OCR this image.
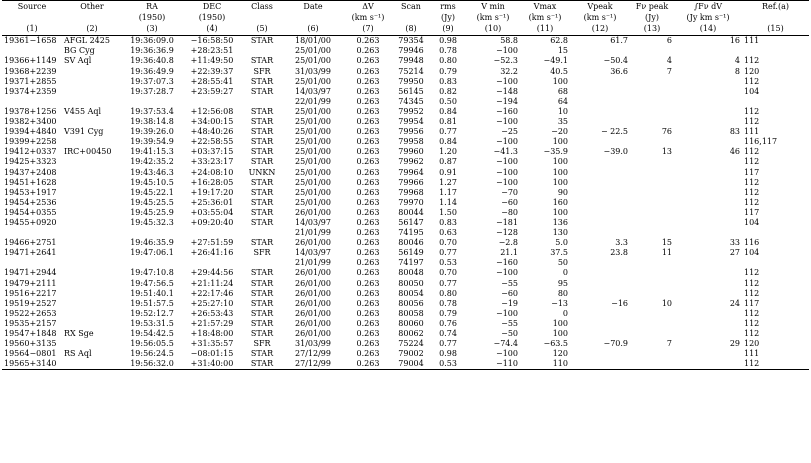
Source	Other	RA	DEC	Class	Date	ΔV	Scan	rms	V min	Vmax	Vpeak	Fν peak	∫Fν dV	Ref.(a)
		(1950)	(1950)			(km s⁻¹)		(Jy)	(km s⁻¹)	(km s⁻¹)	(km s⁻¹)	(Jy)	(Jy km s⁻¹)	
(1)	(2)	(3)	(4)	(5)	(6)	(7)	(8)	(9)	(10)	(11)	(12)	(13)	(14)	(15)
19361−1658	AFGL 2425	19:36:09.0	−16:58:50	STAR	18/01/00	0.263	79354	0.98	58.8	62.8	61.7	6	16	111
	BG Cyg	19:36:36.9	+28:23:51		25/01/00	0.263	79946	0.78	−100	15				
19366+1149	SV Aql	19:36:40.8	+11:49:50	STAR	25/01/00	0.263	79948	0.80	−52.3	−49.1	−50.4	4	4	112
19368+2239		19:36:49.9	+22:39:37	SFR	31/03/99	0.263	75214	0.79	32.2	40.5	36.6	7	8	120
19371+2855		19:37:07.3	+28:55:41	STAR	25/01/00	0.263	79950	0.83	−100	100				112
19374+2359		19:37:28.7	+23:59:27	STAR	14/03/97	0.263	56145	0.82	−148	68				104
					22/01/99	0.263	74345	0.50	−194	64				
19378+1256	V455 Aql	19:37:53.4	+12:56:08	STAR	25/01/00	0.263	79952	0.84	−160	10				112
19382+3400		19:38:14.8	+34:00:15	STAR	25/01/00	0.263	79954	0.81	−100	35				112
19394+4840	V391 Cyg	19:39:26.0	+48:40:26	STAR	25/01/00	0.263	79956	0.77	−25	−20	− 22.5	76	83	111
19399+2258		19:39:54.9	+22:58:55	STAR	25/01/00	0.263	79958	0.84	−100	100				116,117
19412+0337	IRC+00450	19:41:15.3	+03:37:15	STAR	25/01/00	0.263	79960	1.20	−41.3	−35.9	−39.0	13	46	112
19425+3323		19:42:35.2	+33:23:17	STAR	25/01/00	0.263	79962	0.87	−100	100				112
19437+2408		19:43:46.3	+24:08:10	UNKN	25/01/00	0.263	79964	0.91	−100	100				117
19451+1628		19:45:10.5	+16:28:05	STAR	25/01/00	0.263	79966	1.27	−100	100				112
19453+1917		19:45:22.1	+19:17:20	STAR	25/01/00	0.263	79968	1.17	−70	90				112
19454+2536		19:45:25.5	+25:36:01	STAR	25/01/00	0.263	79970	1.14	−60	160				112
19454+0355		19:45:25.9	+03:55:04	STAR	26/01/00	0.263	80044	1.50	−80	100				117
19455+0920		19:45:32.3	+09:20:40	STAR	14/03/97	0.263	56147	0.83	−181	136				104
					21/01/99	0.263	74195	0.63	−128	130				
19466+2751		19:46:35.9	+27:51:59	STAR	26/01/00	0.263	80046	0.70	−2.8	5.0	3.3	15	33	116
19471+2641		19:47:06.1	+26:41:16	SFR	14/03/97	0.263	56149	0.77	21.1	37.5	23.8	11	27	104
					21/01/99	0.263	74197	0.53	−160	50				
19471+2944		19:47:10.8	+29:44:56	STAR	26/01/00	0.263	80048	0.70	−100	0				112
19479+2111		19:47:56.5	+21:11:24	STAR	26/01/00	0.263	80050	0.77	−55	95				112
19516+2217		19:51:40.1	+22:17:46	STAR	26/01/00	0.263	80054	0.80	−60	80				112
19519+2527		19:51:57.5	+25:27:10	STAR	26/01/00	0.263	80056	0.78	−19	−13	−16	10	24	117
19522+2653		19:52:12.7	+26:53:43	STAR	26/01/00	0.263	80058	0.79	−100	0				112
19535+2157		19:53:31.5	+21:57:29	STAR	26/01/00	0.263	80060	0.76	−55	100				112
19547+1848	RX Sge	19:54:42.5	+18:48:00	STAR	26/01/00	0.263	80062	0.74	−50	100				112
19560+3135		19:56:05.5	+31:35:57	SFR	31/03/99	0.263	75224	0.77	−74.4	−63.5	−70.9	7	29	120
19564−0801	RS Aql	19:56:24.5	−08:01:15	STAR	27/12/99	0.263	79002	0.98	−100	120				111
19565+3140		19:56:32.0	+31:40:00	STAR	27/12/99	0.263	79004	0.53	−110	110				112
